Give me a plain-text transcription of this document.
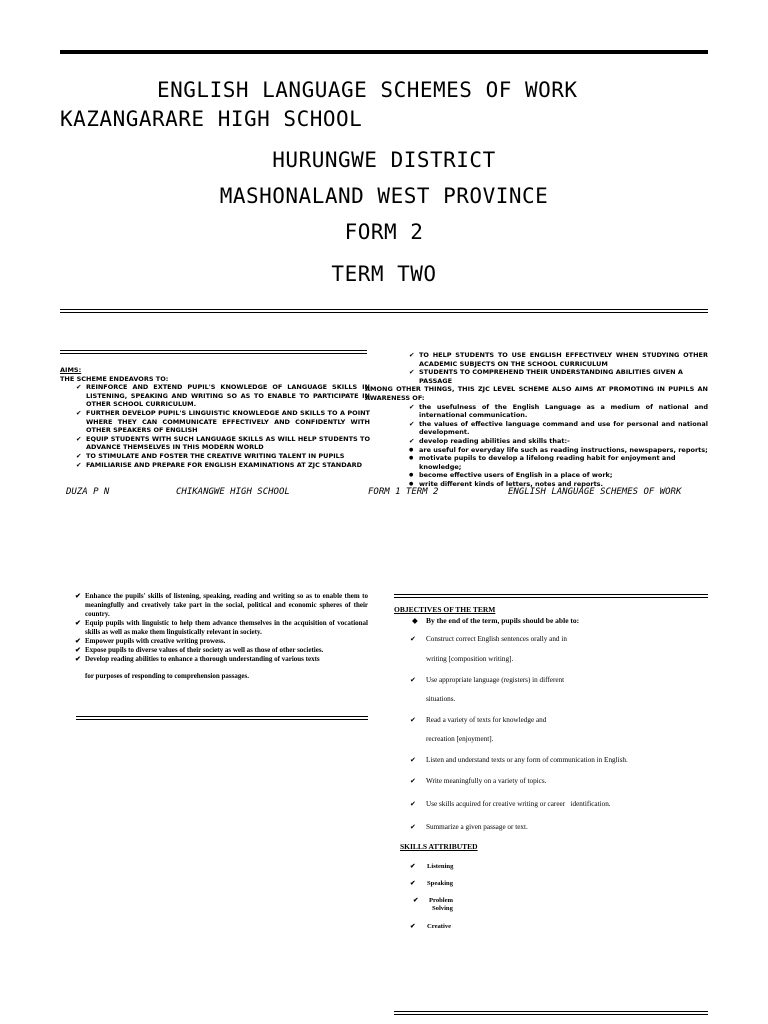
ENGLISH LANGUAGE SCHEMES OF WORK
KAZANGARARE HIGH SCHOOL
HURUNGWE DISTRICT
MASHONALAND WEST PROVINCE
FORM 2
TERM TWO
AIMS:
THE SCHEME ENDEAVORS TO:
✔ REINFORCE AND EXTEND PUPIL'S KNOWLEDGE OF LANGUAGE SKILLS IN LISTENING, SPEAKING AND WRITING SO AS TO ENABLE TO PARTICIPATE IN OTHER SCHOOL CURRICULUM.
✔ FURTHER DEVELOP PUPIL'S LINGUISTIC KNOWLEDGE AND SKILLS TO A POINT WHERE THEY CAN COMMUNICATE EFFECTIVELY AND CONFIDENTLY WITH OTHER SPEAKERS OF ENGLISH
✔ EQUIP STUDENTS WITH SUCH LANGUAGE SKILLS AS WILL HELP STUDENTS TO ADVANCE THEMSELVES IN THIS MODERN WORLD
✔ TO STIMULATE AND FOSTER THE CREATIVE WRITING TALENT IN PUPILS
✔ FAMILIARISE AND PREPARE FOR ENGLISH EXAMINATIONS AT ZJC STANDARD
✔ TO HELP STUDENTS TO USE ENGLISH EFFECTIVELY WHEN STUDYING OTHER ACADEMIC SUBJECTS ON THE SCHOOL CURRICULUM
✔ STUDENTS TO COMPREHEND THEIR UNDERSTANDING ABILITIES GIVEN A PASSAGE
AMONG OTHER THINGS, THIS ZJC LEVEL SCHEME ALSO AIMS AT PROMOTING IN PUPILS AN AWARENESS OF:
✔ the usefulness of the English Language as a medium of national and international communication.
✔ the values of effective language command and use for personal and national development.
✔ develop reading abilities and skills that:-
● are useful for everyday life such as reading instructions, newspapers, reports;
● motivate pupils to develop a lifelong reading habit for enjoyment and knowledge;
● become effective users of English in a place of work;
● write different kinds of letters, notes and reports.
DUZA P N	CHIKANGWE HIGH SCHOOL	FORM 1 TERM 2	ENGLISH LANGUAGE SCHEMES OF WORK
✔ Enhance the pupils' skills of listening, speaking, reading and writing so as to enable them to meaningfully and creatively take part in the social, political and economic spheres of their country.
✔ Equip pupils with linguistic to help them advance themselves in the acquisition of vocational skills as well as make them linguistically relevant in society.
✔ Empower pupils with creative writing prowess.
✔ Expose pupils to diverse values of their society as well as those of other societies.
✔ Develop reading abilities to enhance a thorough understanding of various texts
for purposes of responding to comprehension passages.
OBJECTIVES OF THE TERM
◆	By the end of the term, pupils should be able to:
✔ Construct correct English sentences orally and in
writing [composition writing].
✔ Use appropriate language (registers) in different
situations.
✔ Read a variety of texts for knowledge and
recreation [enjoyment].
✔ Listen and understand texts or any form of communication in English.
✔ Write meaningfully on a variety of topics.
✔ Use skills acquired for creative writing or career   identification.
✔ Summarize a given passage or text.
SKILLS ATTRIBUTED
✔ Listening
✔ Speaking
✔ Problem
Solving
✔ Creative
